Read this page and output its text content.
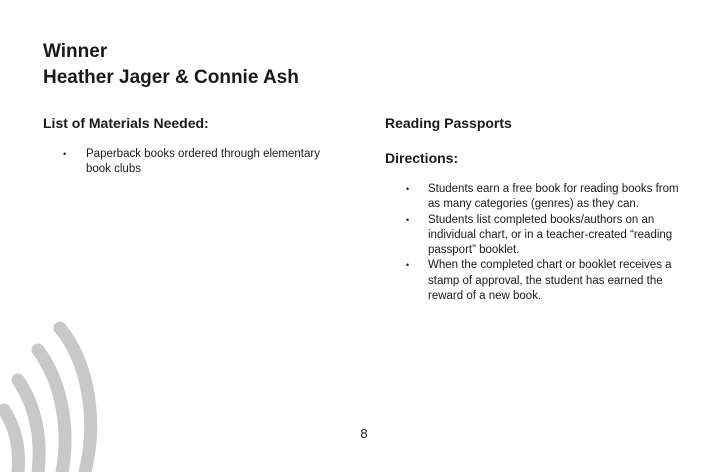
Winner
Heather Jager & Connie Ash
List of Materials Needed:
• Paperback books ordered through elementary book clubs
Reading Passports
Directions:
• Students earn a free book for reading books from as many categories (genres) as they can.
• Students list completed books/authors on an individual chart, or in a teacher-created “reading passport” booklet.
• When the completed chart or booklet receives a stamp of approval, the student has earned the reward of a new book.
8
